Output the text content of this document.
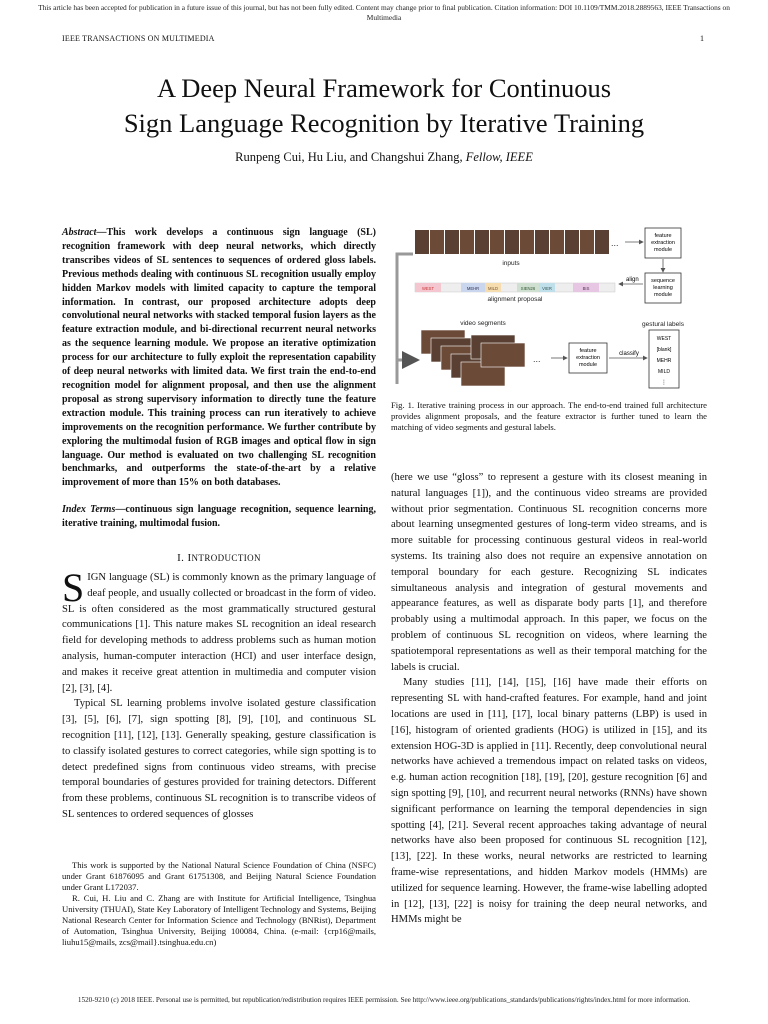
This article has been accepted for publication in a future issue of this journal, but has not been fully edited. Content may change prior to final publication. Citation information: DOI 10.1109/TMM.2018.2889563, IEEE Transactions on Multimedia
IEEE TRANSACTIONS ON MULTIMEDIA	1
A Deep Neural Framework for Continuous
Sign Language Recognition by Iterative Training
Runpeng Cui, Hu Liu, and Changshui Zhang, Fellow, IEEE
Abstract—This work develops a continuous sign language (SL) recognition framework with deep neural networks, which directly transcribes videos of SL sentences to sequences of ordered gloss labels. Previous methods dealing with continuous SL recognition usually employ hidden Markov models with limited capacity to capture the temporal information. In contrast, our proposed architecture adopts deep convolutional neural networks with stacked temporal fusion layers as the feature extraction module, and bi-directional recurrent neural networks as the sequence learning module. We propose an iterative optimization process for our architecture to fully exploit the representation capability of deep neural networks with limited data. We first train the end-to-end recognition model for alignment proposal, and then use the alignment proposal as strong supervisory information to directly tune the feature extraction module. This training process can run iteratively to achieve improvements on the recognition performance. We further contribute by exploring the multimodal fusion of RGB images and optical flow in sign language. Our method is evaluated on two challenging SL recognition benchmarks, and outperforms the state-of-the-art by a relative improvement of more than 15% on both databases.
Index Terms—continuous sign language recognition, sequence learning, iterative training, multimodal fusion.
I. INTRODUCTION

SIGN language (SL) is commonly known as the primary language of deaf people, and usually collected or broadcast in the form of video. SL is often considered as the most grammatically structured gestural communications [1]. This nature makes SL recognition an ideal research field for developing methods to address problems such as human motion analysis, human-computer interaction (HCI) and user interface design, and makes it receive great attention in multimedia and computer vision [2], [3], [4].

Typical SL learning problems involve isolated gesture classification [3], [5], [6], [7], sign spotting [8], [9], [10], and continuous SL recognition [11], [12], [13]. Generally speaking, gesture classification is to classify isolated gestures to correct categories, while sign spotting is to detect predefined signs from continuous video streams, with precise temporal boundaries of gestures provided for training detectors. Different from these problems, continuous SL recognition is to transcribe videos of SL sentences to ordered sequences of glosses

This work is supported by the National Natural Science Foundation of China (NSFC) under Grant 61876095 and Grant 61751308, and Beijing Natural Science Foundation under Grant L172037.

R. Cui, H. Liu and C. Zhang are with Institute for Artificial Intelligence, Tsinghua University (THUAI), State Key Laboratory of Intelligent Technology and Systems, Beijing National Research Center for Information Science and Technology (BNRist), Department of Automation, Tsinghua University, Beijing 100084, China. (e-mail: {crp16@mails, liuhu15@mails, zcs@mail}.tsinghua.edu.cn)

...
inputs
feature
extraction
module
sequence
learning
module
align
WEST	MEHR MILD	SIEN26 VIER	BIS
alignment proposal
video segments
...
feature
extraction
module
classify
gestural labels
WEST
[blank]
MEHR
MILD
⋮
Fig. 1. Iterative training process in our approach. The end-to-end trained full architecture provides alignment proposals, and the feature extractor is further tuned to learn the matching of video segments and gestural labels.

(here we use “gloss” to represent a gesture with its closest meaning in natural languages [1]), and the continuous video streams are provided without prior segmentation. Continuous SL recognition concerns more about learning unsegmented gestures of long-term video streams, and is more suitable for processing continuous gestural videos in real-world systems. Its training also does not require an expensive annotation on temporal boundary for each gesture. Recognizing SL indicates simultaneous analysis and integration of gestural movements and appearance features, as well as disparate body parts [1], and therefore probably using a multimodal approach. In this paper, we focus on the problem of continuous SL recognition on videos, where learning the spatiotemporal representations as well as their temporal matching for the labels is crucial.

Many studies [11], [14], [15], [16] have made their efforts on representing SL with hand-crafted features. For example, hand and joint locations are used in [11], [17], local binary patterns (LBP) is used in [16], histogram of oriented gradients (HOG) is utilized in [15], and its extension HOG-3D is applied in [11]. Recently, deep convolutional neural networks have achieved a tremendous impact on related tasks on videos, e.g. human action recognition [18], [19], [20], gesture recognition [6] and sign spotting [9], [10], and recurrent neural networks (RNNs) have shown significant performance on learning the temporal dependencies in sign spotting [4], [21]. Several recent approaches taking advantage of neural networks have also been proposed for continuous SL recognition [12], [13], [22]. In these works, neural networks are restricted to learning frame-wise representations, and hidden Markov models (HMMs) are utilized for sequence learning. However, the frame-wise labelling adopted in [12], [13], [22] is noisy for training the deep neural networks, and HMMs might be

1520-9210 (c) 2018 IEEE. Personal use is permitted, but republication/redistribution requires IEEE permission. See http://www.ieee.org/publications_standards/publications/rights/index.html for more information.
